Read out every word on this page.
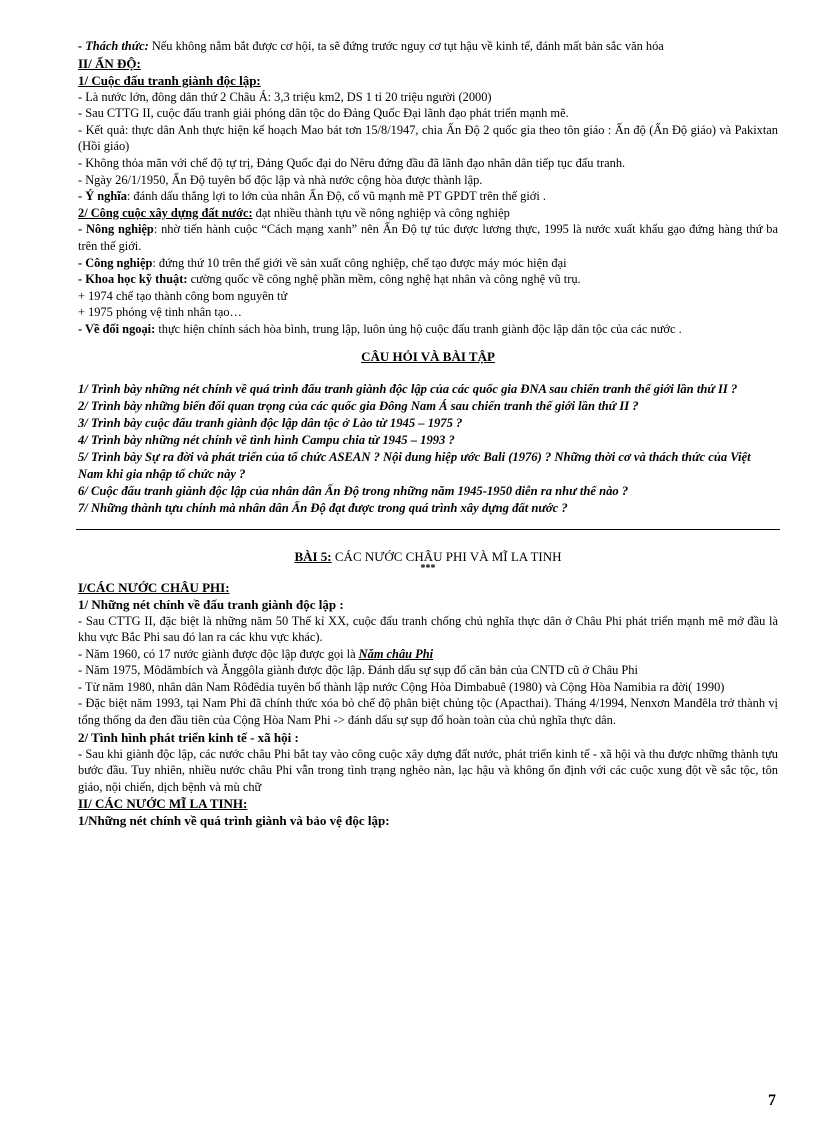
- Thách thức: Nếu không nắm bắt được cơ hội, ta sẽ đứng trước nguy cơ tụt hậu về kinh tế, đánh mất bản sắc văn hóa

II/ ẤN ĐỘ:

1/ Cuộc đấu tranh giành độc lập:

- Là nước lớn, đông dân thứ 2 Châu Á: 3,3 triệu km2, DS 1 tỉ 20 triệu người (2000)

- Sau CTTG II, cuộc đấu tranh giải phóng dân tộc do Đảng Quốc Đại lãnh đạo phát triển mạnh mẽ.

- Kết quả: thực dân Anh thực hiện kế hoạch Mao bát tơn 15/8/1947, chia Ấn Độ 2 quốc gia theo tôn giáo : Ấn độ (Ấn Độ giáo) và Pakixtan (Hồi giáo)

- Không thỏa mãn với chế độ tự trị, Đảng Quốc đại do Nêru đứng đầu đã lãnh đạo nhân dân tiếp tục đấu tranh.

- Ngày 26/1/1950, Ấn Độ tuyên bố độc lập và nhà nước cộng hòa được thành lập.

- Ý nghĩa: đánh dấu thắng lợi to lớn của nhân Ấn Độ, cổ vũ mạnh mẽ PT GPDT trên thế giới .

2/ Công cuộc xây dựng đất nước: đạt nhiều thành tựu về nông nghiệp và công nghiệp

- Nông nghiệp: nhờ tiến hành cuộc “Cách mạng xanh” nên Ấn Độ tự túc được lương thực, 1995 là nước xuất khẩu gạo đứng hàng thứ ba trên thế giới.

- Công nghiệp: đứng thứ 10 trên thế giới về sản xuất công nghiệp, chế tạo được máy móc hiện đại

- Khoa học kỹ thuật: cường quốc về công nghệ phần mềm, công nghệ hạt nhân và công nghệ vũ trụ.

+ 1974 chế tạo thành công bom nguyên tử

+ 1975 phóng vệ tinh nhân tạo…

- Về đối ngoại: thực hiện chính sách hòa bình, trung lập, luôn ủng hộ cuộc đấu tranh giành độc lập dân tộc của các nước .

CÂU HỎI VÀ BÀI TẬP

1/ Trình bày những nét chính về quá trình đấu tranh giành độc lập của các quốc gia ĐNA sau chiến tranh thế giới lần thứ II ?

2/ Trình bày những biến đổi quan trọng của các quốc gia Đông Nam Á sau chiến tranh thế giới lần thứ II ?

3/ Trình bày cuộc đấu tranh giành độc lập dân tộc ở Lào từ 1945 – 1975 ?

4/ Trình bày những nét chính về tình hình Campu chia từ 1945 – 1993 ?

5/ Trình bày Sự ra đời và phát triển của tổ chức ASEAN ? Nội dung hiệp ước Bali (1976) ? Những thời cơ và thách thức của Việt Nam khi gia nhập tổ chức này ?

6/ Cuộc đấu tranh giành độc lập của nhân dân Ấn Độ trong những năm 1945-1950 diễn ra như thế nào ?

7/ Những thành tựu chính mà nhân dân Ấn Độ đạt được trong quá trình xây dựng đất nước ?

BÀI 5: CÁC NƯỚC CHÂU PHI VÀ MĨ LA TINH

***

I/CÁC NƯỚC CHÂU PHI:

1/ Những nét chính về đấu tranh giành độc lập :

- Sau CTTG II, đặc biệt là những năm 50 Thế kỉ XX, cuộc đấu tranh chống chủ nghĩa thực dân ở Châu Phi phát triển mạnh mẽ mở đầu là khu vực Bắc Phi sau đó lan ra các khu vực khác).

- Năm 1960, có 17 nước giành được độc lập được gọi là Năm châu Phi

- Năm 1975, Môdămbích và Ănggôla giành được độc lập. Đánh dấu sự sụp đổ căn bản của CNTD cũ ở Châu Phi

- Từ năm 1980, nhân dân Nam Rôđêdia tuyên bố thành lập nước Cộng Hòa Dimbabuê (1980) và Cộng Hòa Namibia ra đời( 1990)

- Đặc biệt năm 1993, tại Nam Phi đã chính thức xóa bỏ chế độ phân biệt chủng tộc (Apacthai). Tháng 4/1994, Nenxơn Manđêla trở thành vị tổng thống da đen đầu tiên của Cộng Hòa Nam Phi -> đánh dấu sự sụp đổ hoàn toàn của chủ nghĩa thực dân.

2/ Tình hình phát triển kinh tế - xã hội :

- Sau khi giành độc lập, các nước châu Phi bắt tay vào công cuộc xây dựng đất nước, phát triển kinh tế - xã hội và thu được những thành tựu bước đầu. Tuy nhiên, nhiều nước châu Phi vẫn trong tình trạng nghèo nàn, lạc hậu và không ổn định với các cuộc xung đột về sắc tộc, tôn giáo, nội chiến, dịch bệnh và mù chữ

II/ CÁC NƯỚC MĨ LA TINH:

1/Những nét chính về quá trình giành và bảo vệ độc lập:

7
